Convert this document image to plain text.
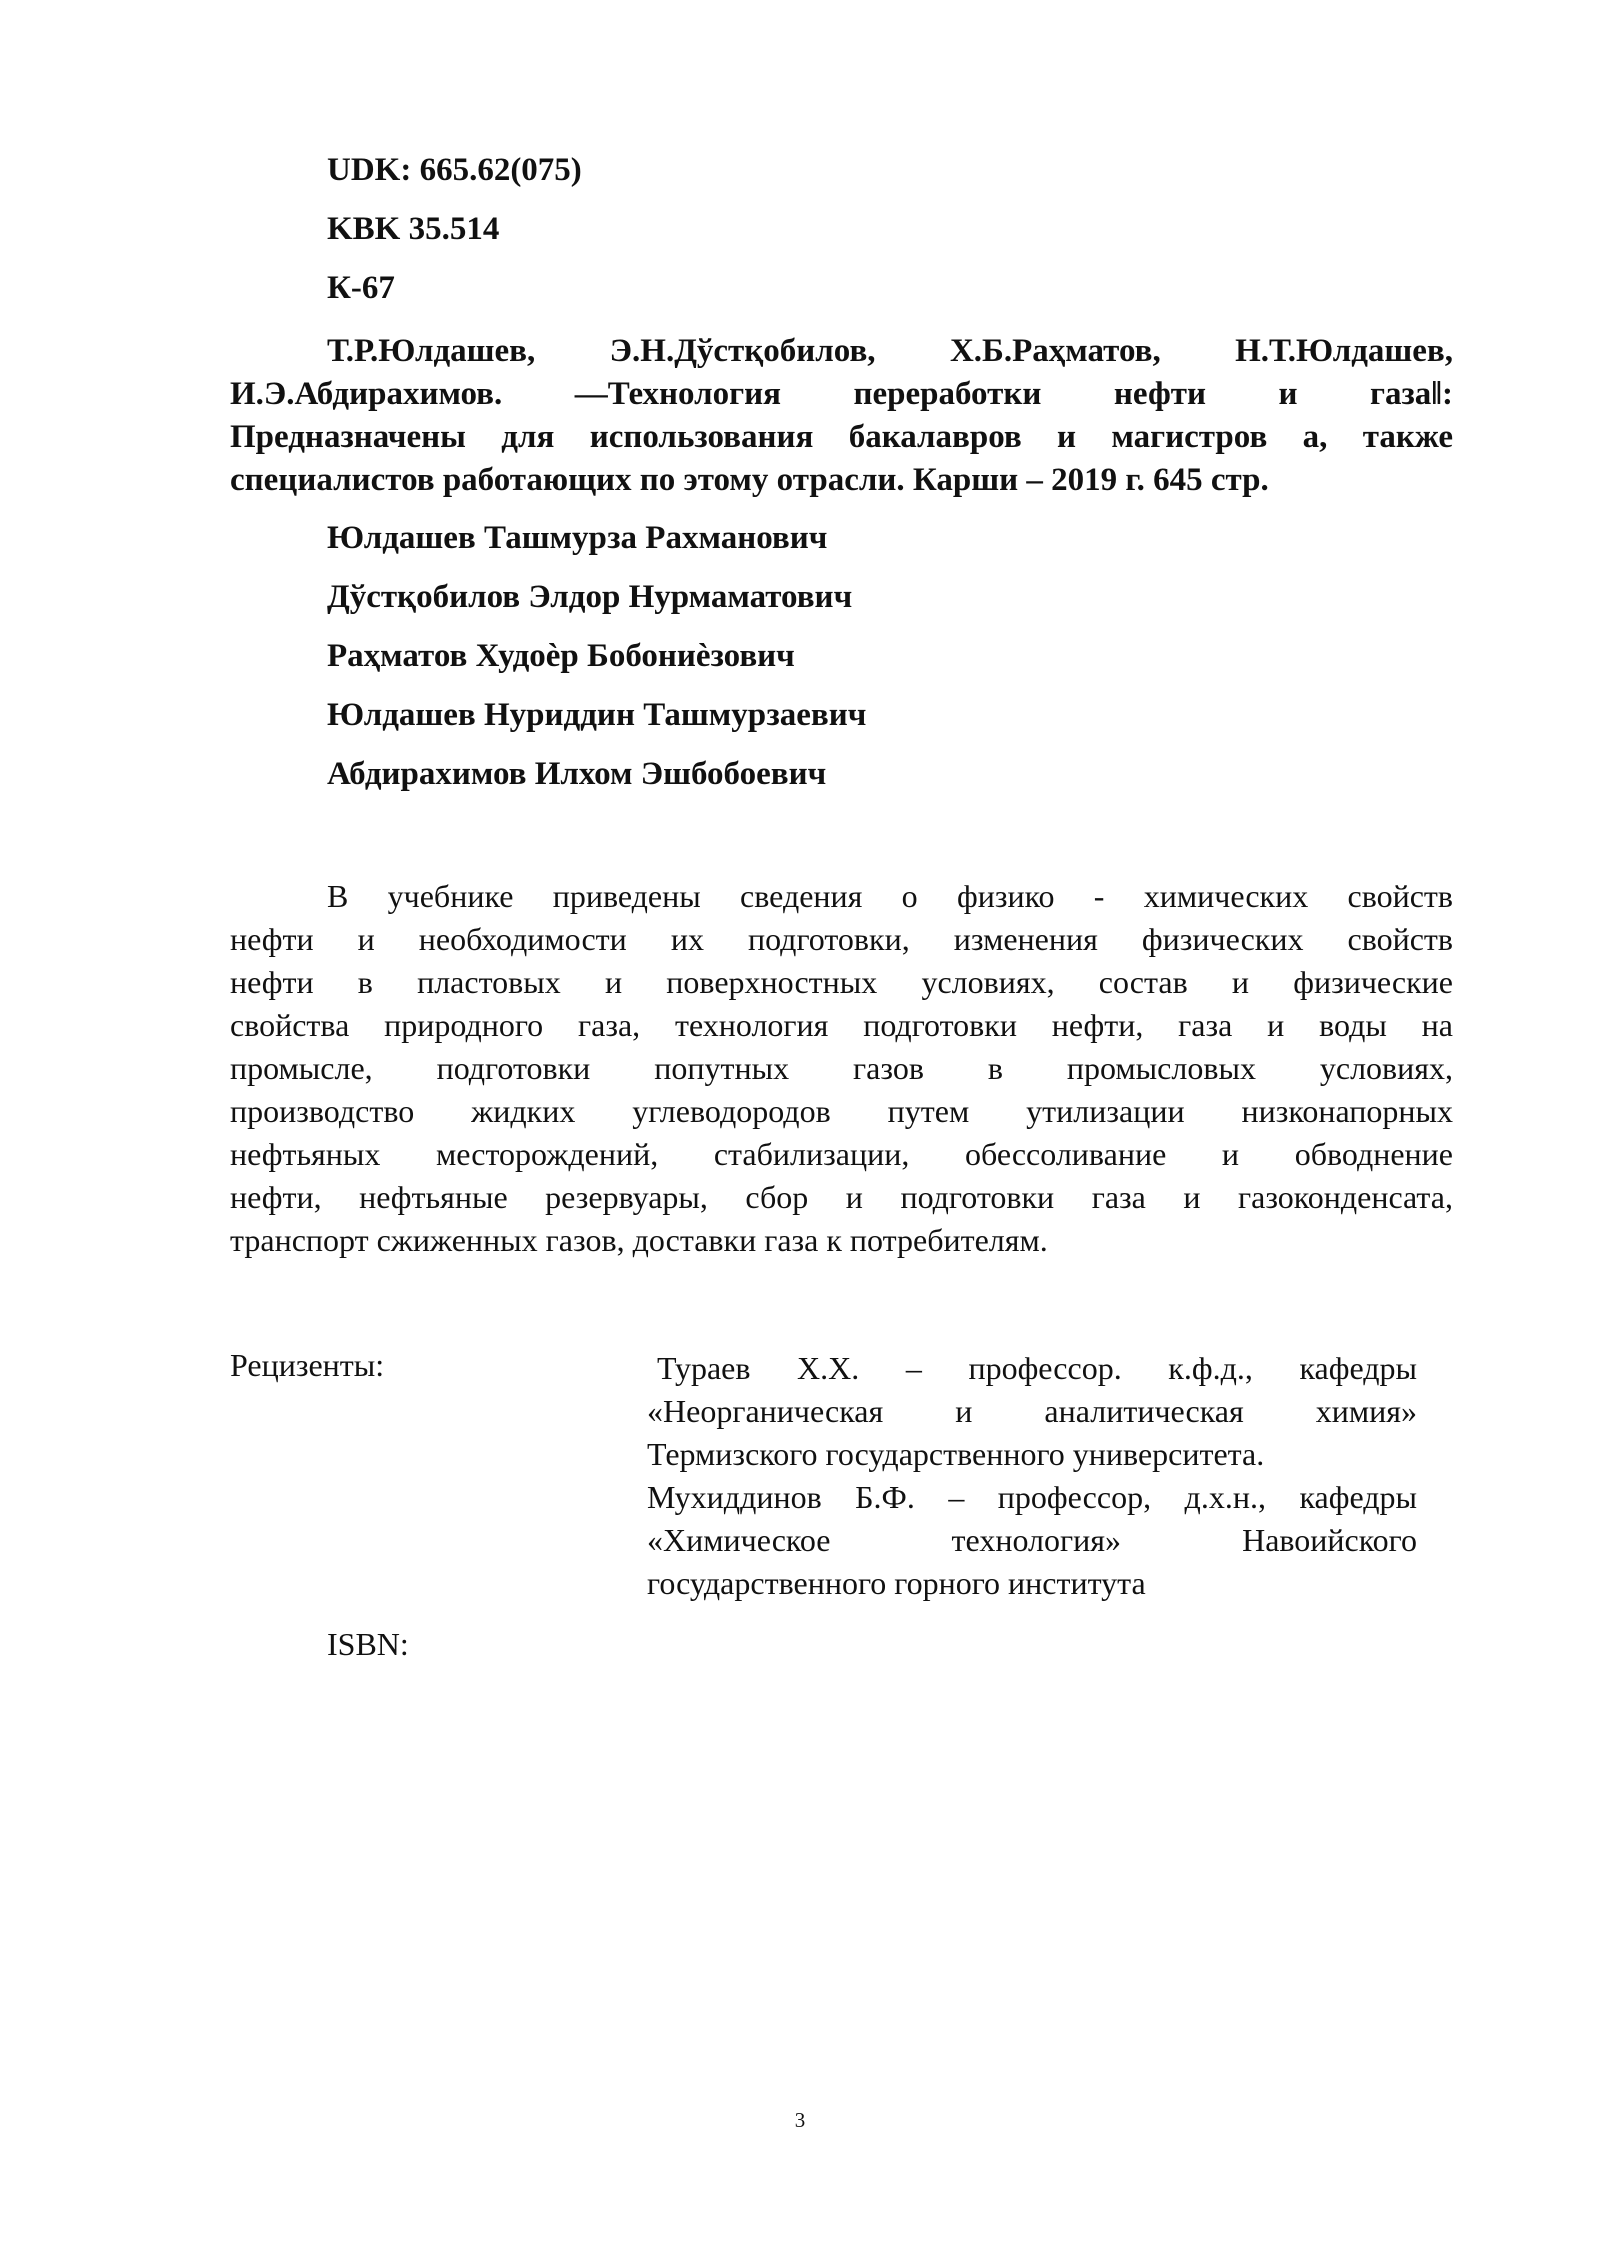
UDK: 665.62(075)

KBK 35.514

К-67

Т.Р.Юлдашев, Э.Н.Дўстқобилов, Х.Б.Раҳматов, Н.Т.Юлдашев,
И.Э.Абдирахимов. ―Технология переработки нефти и газа‖:
Предназначены для использования бакалавров и магистров а, также
специалистов работающих по этому отрасли. Карши – 2019 г. 645 стр.

Юлдашев Ташмурза Рахманович

Дўстқобилов Элдор Нурмаматович

Раҳматов Худоѐр Бобониѐзович

Юлдашев Нуриддин Ташмурзаевич

Абдирахимов Илхом Эшбобоевич

В учебнике приведены сведения о физико - химических свойств
нефти и необходимости их подготовки, изменения физических свойств
нефти в пластовых и поверхностных условиях, состав и физические
свойства природного газа, технология подготовки нефти, газа и воды на
промысле, подготовки попутных газов в промысловых условиях,
производство жидких углеводородов путем утилизации низконапорных
нефтьяных месторождений, стабилизации, обессоливание и обводнение
нефти, нефтьяные резервуары, сбор и подготовки газа и газоконденсата,
транспорт сжиженных газов, доставки газа к потребителям.

Рецизенты:	Тураев Х.Х. – профессор. к.ф.д., кафедры
«Неорганическая и аналитическая химия»
Термизского государственного университета.
Мухиддинов Б.Ф. – профессор, д.х.н., кафедры
«Химическое технология» Навоийского
государственного горного института

ISBN:

3
